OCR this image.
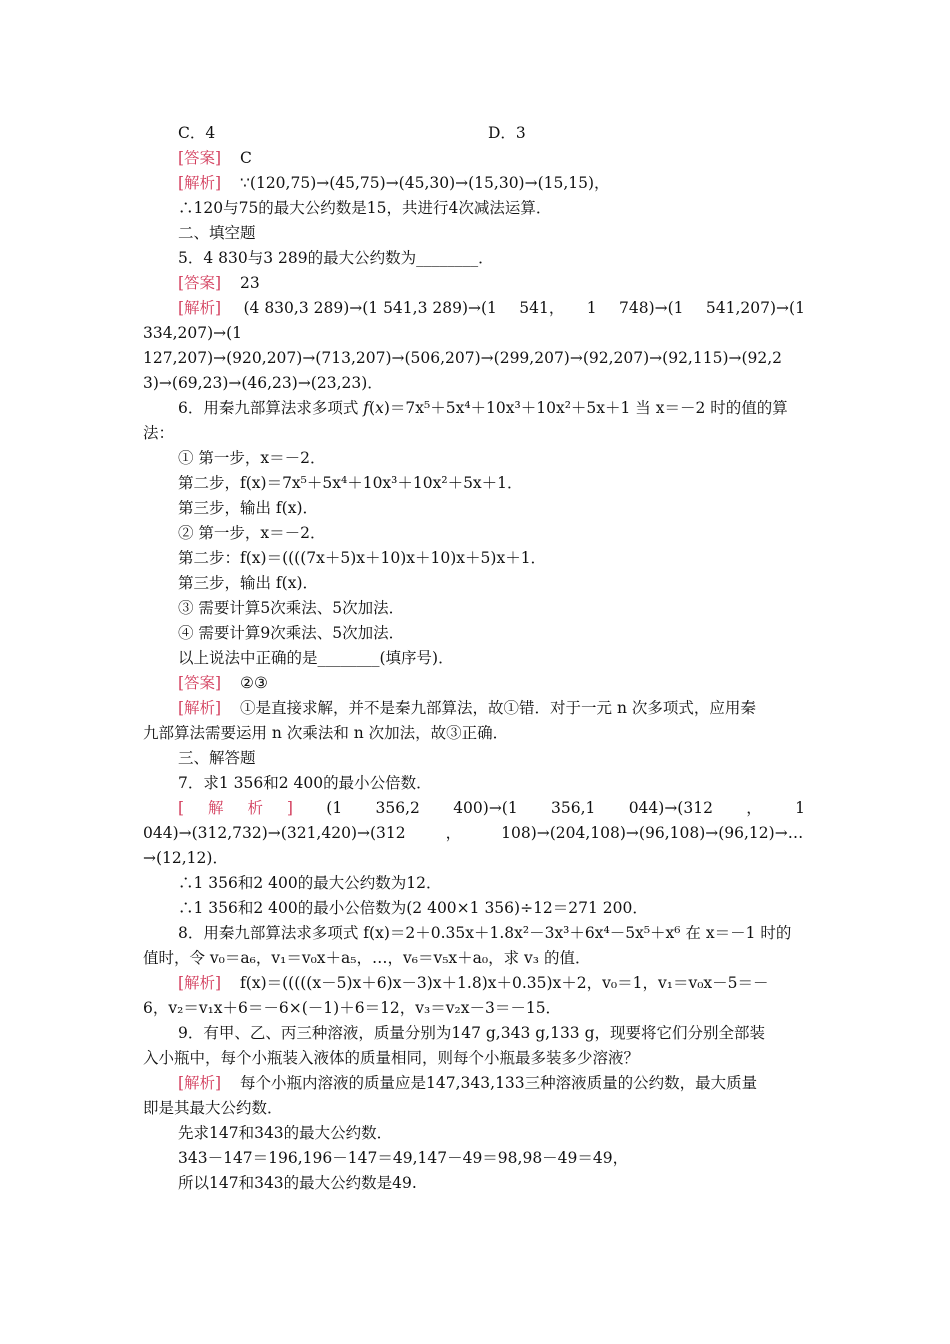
C．4	D．3
[答案] C
[解析] ∵(120,75)→(45,75)→(45,30)→(15,30)→(15,15)，
∴120与75的最大公约数是15，共进行4次减法运算．
二、填空题
5．4 830与3 289的最大公约数为________．
[答案] 23
[解析] (4 830,3 289)→(1 541,3 289)→(1 541， 1 748)→(1 541,207)→(1
334,207)→(1
127,207)→(920,207)→(713,207)→(506,207)→(299,207)→(92,207)→(92,115)→(92,2
3)→(69,23)→(46,23)→(23,23)．
6．用秦九部算法求多项式 f(x)＝7x⁵＋5x⁴＋10x³＋10x²＋5x＋1 当 x＝－2 时的值的算
法：
① 第一步，x＝－2．
第二步，f(x)＝7x⁵＋5x⁴＋10x³＋10x²＋5x＋1．
第三步，输出 f(x)．
② 第一步，x＝－2．
第二步：f(x)＝((((7x＋5)x＋10)x＋10)x＋5)x＋1．
第三步，输出 f(x)．
③ 需要计算5次乘法、5次加法．
④ 需要计算9次乘法、5次加法．
以上说法中正确的是________(填序号)．
[答案] ②③
[解析] ①是直接求解，并不是秦九部算法，故①错．对于一元 n 次多项式，应用秦
九部算法需要运用 n 次乘法和 n 次加法，故③正确．
三、解答题
7．求1 356和2 400的最小公倍数．
[ 解 析 ] (1 356,2 400)→(1 356,1 044)→(312 ， 1
044)→(312,732)→(321,420)→(312	，	108)→(204,108)→(96,108)→(96,12)→…
→(12,12)．
∴1 356和2 400的最大公约数为12．
∴1 356和2 400的最小公倍数为(2 400×1 356)÷12＝271 200．
8．用秦九部算法求多项式 f(x)＝2＋0.35x＋1.8x²－3x³＋6x⁴－5x⁵＋x⁶ 在 x＝－1 时的
值时，令 v₀＝a₆，v₁＝v₀x＋a₅，…，v₆＝v₅x＋a₀，求 v₃ 的值．
[解析] f(x)＝(((((x－5)x＋6)x－3)x＋1.8)x＋0.35)x＋2，v₀＝1，v₁＝v₀x－5＝－
6，v₂＝v₁x＋6＝－6×(－1)＋6＝12，v₃＝v₂x－3＝－15．
9．有甲、乙、丙三种溶液，质量分别为147 g,343 g,133 g，现要将它们分别全部装
入小瓶中，每个小瓶装入液体的质量相同，则每个小瓶最多装多少溶液？
[解析] 每个小瓶内溶液的质量应是147,343,133三种溶液质量的公约数，最大质量
即是其最大公约数．
先求147和343的最大公约数．
343－147＝196,196－147＝49,147－49＝98,98－49＝49，
所以147和343的最大公约数是49.
